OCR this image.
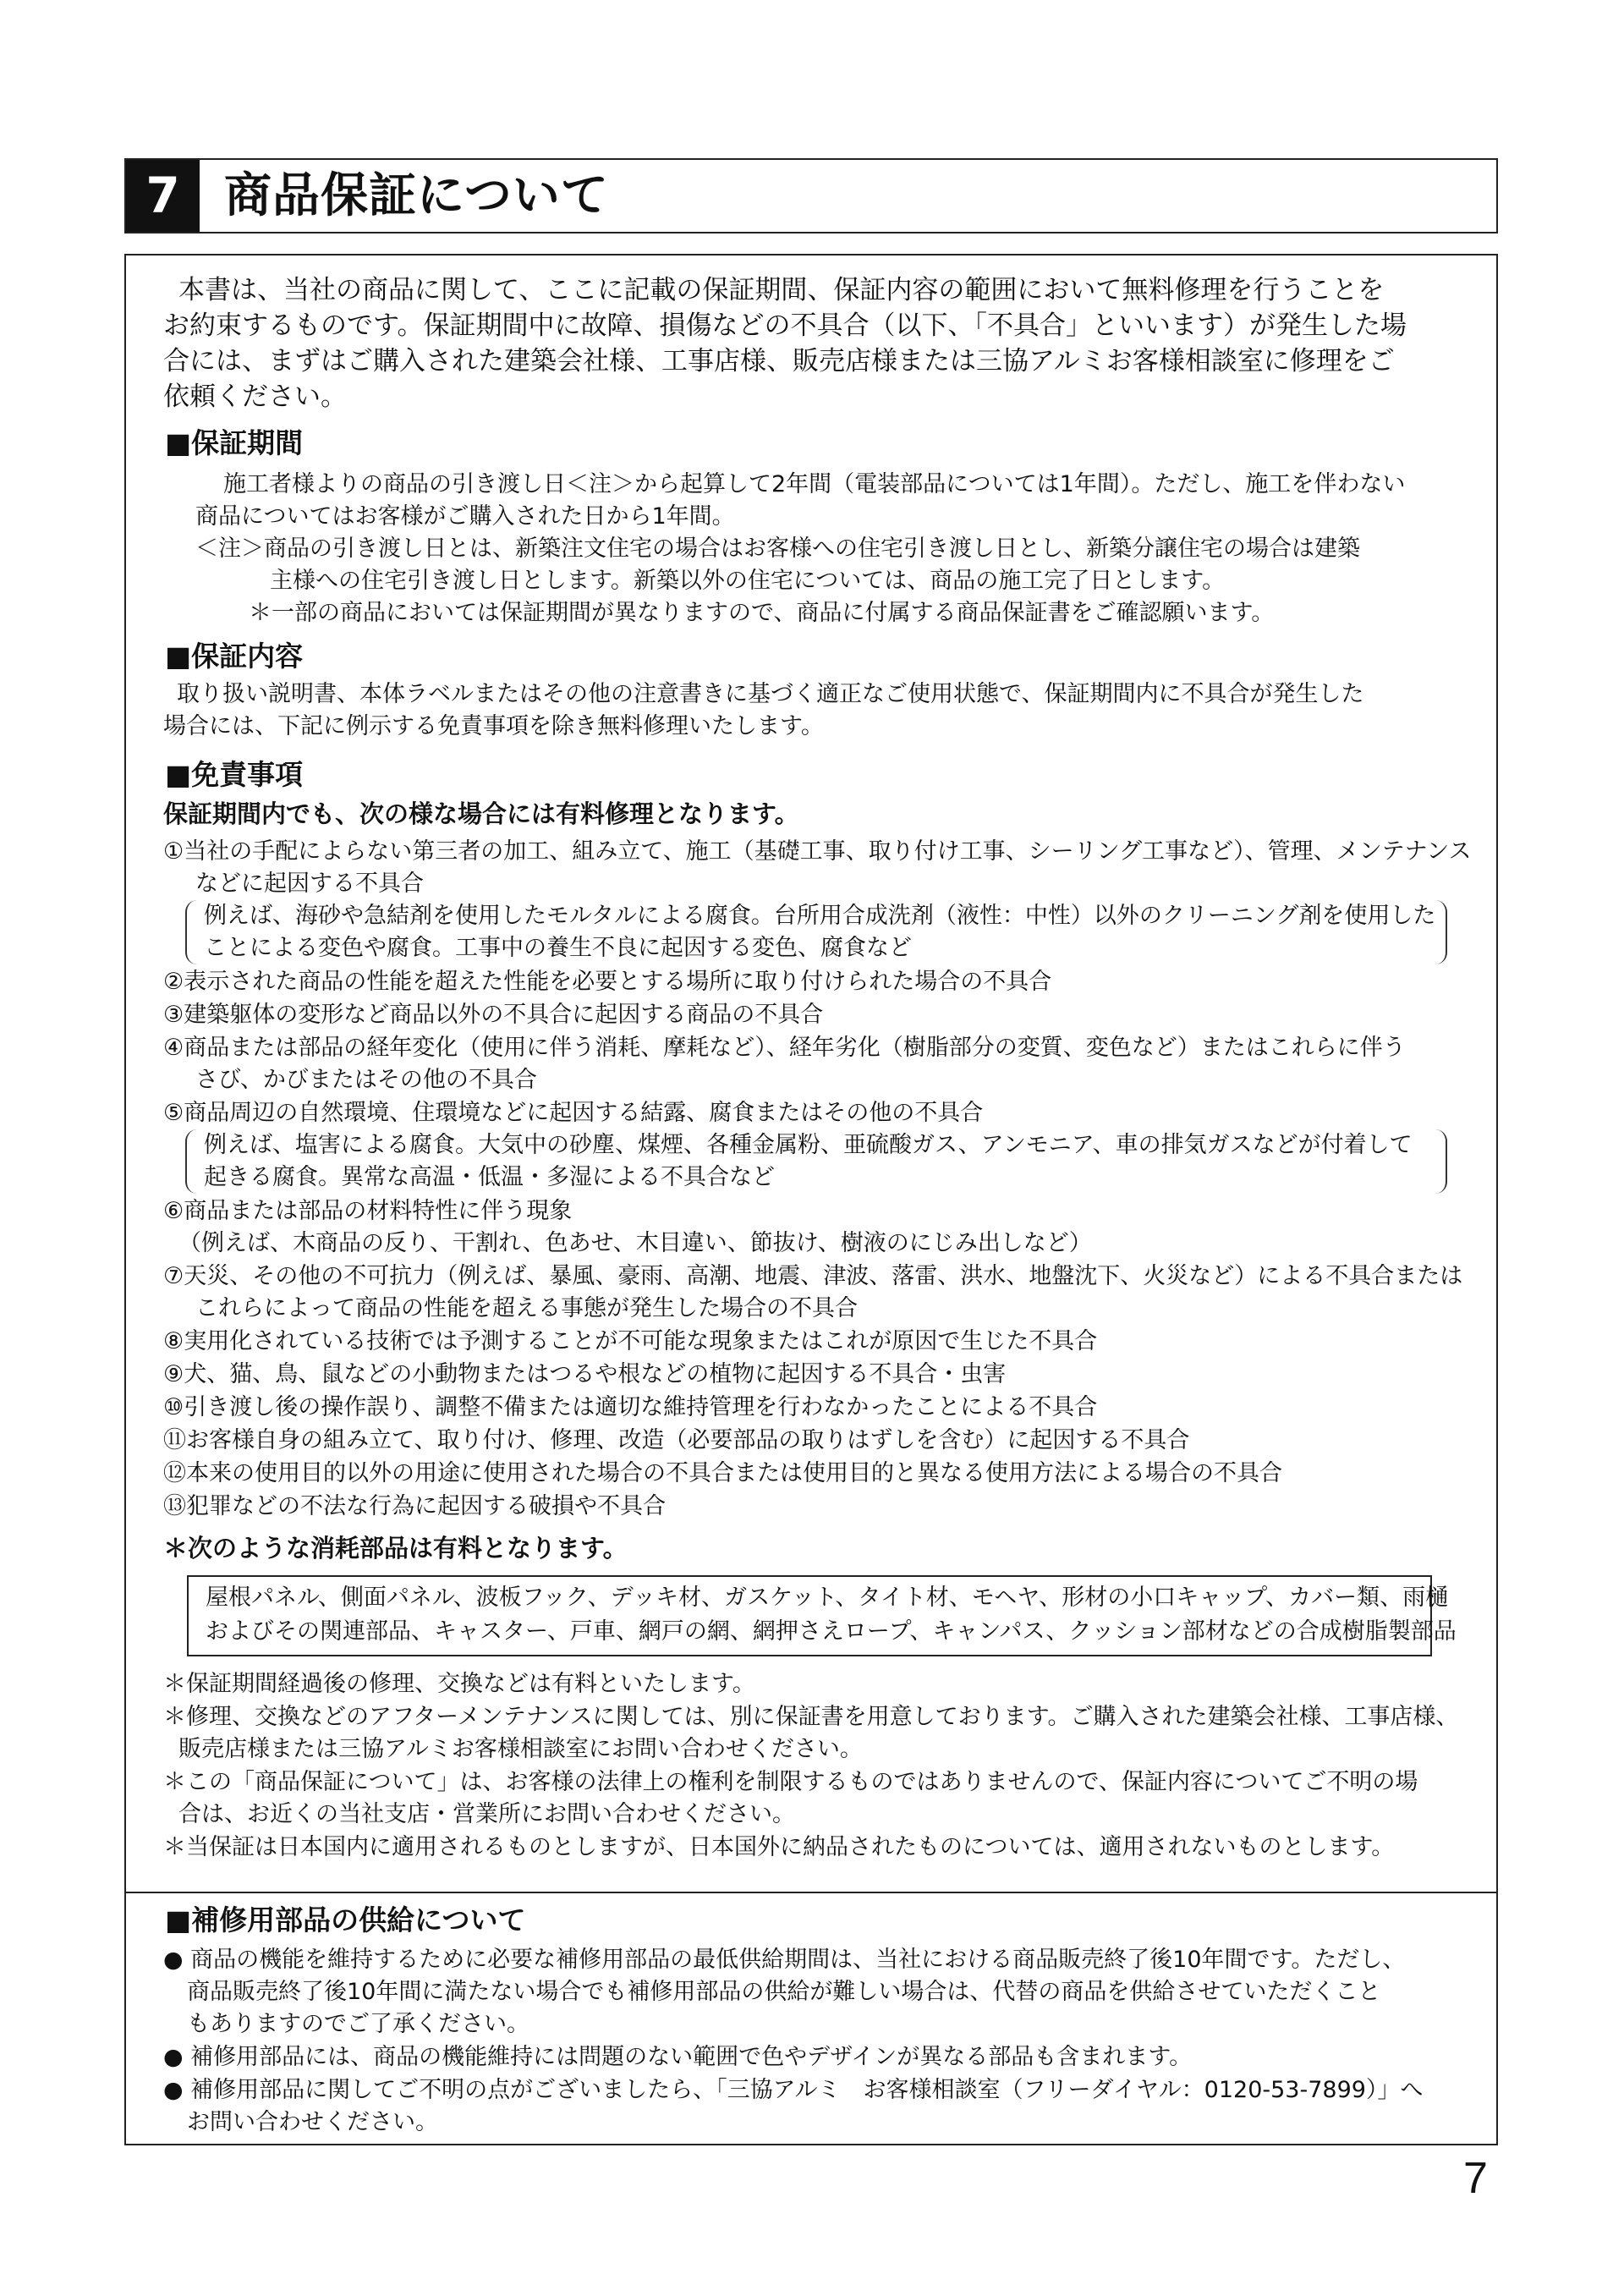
7 商品保証について
本書は、当社の商品に関して、ここに記載の保証期間、保証内容の範囲において無料修理を行うことを
お約束するものです。保証期間中に故障、損傷などの不具合（以下、「不具合」といいます）が発生した場
合には、まずはご購入された建築会社様、工事店様、販売店様または三協アルミお客様相談室に修理をご
依頼ください。
■保証期間
施工者様よりの商品の引き渡し日＜注＞から起算して2年間（電装部品については1年間）。ただし、施工を伴わない
商品についてはお客様がご購入された日から1年間。
＜注＞商品の引き渡し日とは、新築注文住宅の場合はお客様への住宅引き渡し日とし、新築分譲住宅の場合は建築
主様への住宅引き渡し日とします。新築以外の住宅については、商品の施工完了日とします。
＊一部の商品においては保証期間が異なりますので、商品に付属する商品保証書をご確認願います。
■保証内容
取り扱い説明書、本体ラベルまたはその他の注意書きに基づく適正なご使用状態で、保証期間内に不具合が発生した
場合には、下記に例示する免責事項を除き無料修理いたします。
■免責事項
保証期間内でも、次の様な場合には有料修理となります。
①当社の手配によらない第三者の加工、組み立て、施工（基礎工事、取り付け工事、シーリング工事など）、管理、メンテナンス
などに起因する不具合
例えば、海砂や急結剤を使用したモルタルによる腐食。台所用合成洗剤（液性：中性）以外のクリーニング剤を使用した
ことによる変色や腐食。工事中の養生不良に起因する変色、腐食など
②表示された商品の性能を超えた性能を必要とする場所に取り付けられた場合の不具合
③建築躯体の変形など商品以外の不具合に起因する商品の不具合
④商品または部品の経年変化（使用に伴う消耗、摩耗など）、経年劣化（樹脂部分の変質、変色など）またはこれらに伴う
さび、かびまたはその他の不具合
⑤商品周辺の自然環境、住環境などに起因する結露、腐食またはその他の不具合
例えば、塩害による腐食。大気中の砂塵、煤煙、各種金属粉、亜硫酸ガス、アンモニア、車の排気ガスなどが付着して
起きる腐食。異常な高温・低温・多湿による不具合など
⑥商品または部品の材料特性に伴う現象
（例えば、木商品の反り、干割れ、色あせ、木目違い、節抜け、樹液のにじみ出しなど）
⑦天災、その他の不可抗力（例えば、暴風、豪雨、高潮、地震、津波、落雷、洪水、地盤沈下、火災など）による不具合または
これらによって商品の性能を超える事態が発生した場合の不具合
⑧実用化されている技術では予測することが不可能な現象またはこれが原因で生じた不具合
⑨犬、猫、鳥、鼠などの小動物またはつるや根などの植物に起因する不具合・虫害
⑩引き渡し後の操作誤り、調整不備または適切な維持管理を行わなかったことによる不具合
⑪お客様自身の組み立て、取り付け、修理、改造（必要部品の取りはずしを含む）に起因する不具合
⑫本来の使用目的以外の用途に使用された場合の不具合または使用目的と異なる使用方法による場合の不具合
⑬犯罪などの不法な行為に起因する破損や不具合
＊次のような消耗部品は有料となります。
屋根パネル、側面パネル、波板フック、デッキ材、ガスケット、タイト材、モヘヤ、形材の小口キャップ、カバー類、雨樋
およびその関連部品、キャスター、戸車、網戸の網、網押さえロープ、キャンパス、クッション部材などの合成樹脂製部品
＊保証期間経過後の修理、交換などは有料といたします。
＊修理、交換などのアフターメンテナンスに関しては、別に保証書を用意しております。ご購入された建築会社様、工事店様、
販売店様または三協アルミお客様相談室にお問い合わせください。
＊この「商品保証について」は、お客様の法律上の権利を制限するものではありませんので、保証内容についてご不明の場
合は、お近くの当社支店・営業所にお問い合わせください。
＊当保証は日本国内に適用されるものとしますが、日本国外に納品されたものについては、適用されないものとします。
■補修用部品の供給について
● 商品の機能を維持するために必要な補修用部品の最低供給期間は、当社における商品販売終了後10年間です。ただし、
商品販売終了後10年間に満たない場合でも補修用部品の供給が難しい場合は、代替の商品を供給させていただくこと
もありますのでご了承ください。
● 補修用部品には、商品の機能維持には問題のない範囲で色やデザインが異なる部品も含まれます。
● 補修用部品に関してご不明の点がございましたら、「三協アルミ　お客様相談室（フリーダイヤル：0120-53-7899）」へ
お問い合わせください。
7
